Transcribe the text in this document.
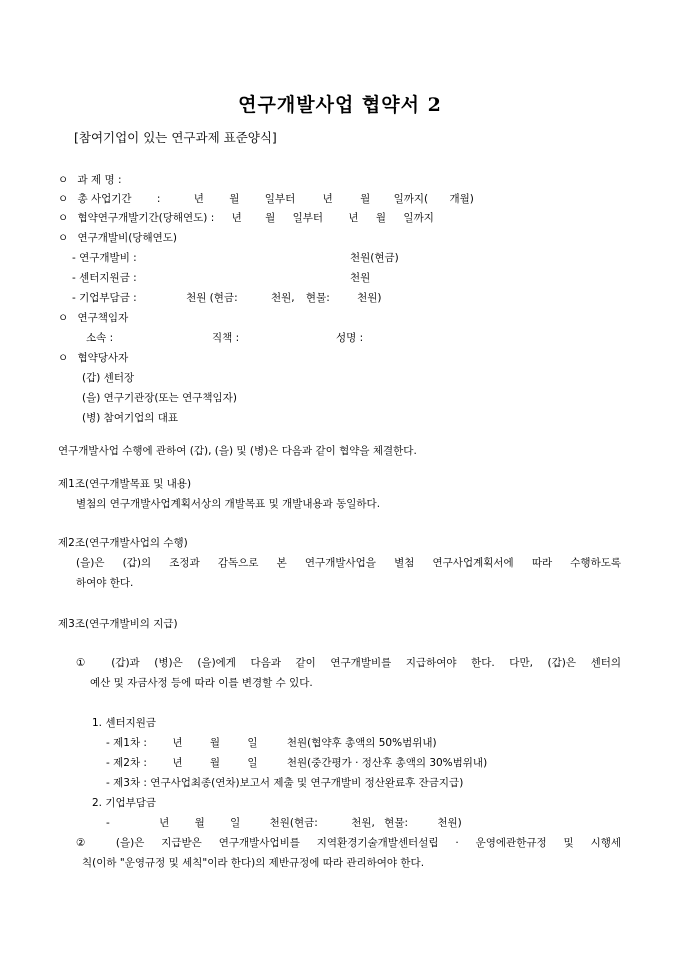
연구개발사업 협약서 2
[참여기업이 있는 연구과제 표준양식]
ㅇ 과 제 명 :
ㅇ 총 사업기간 :	년 월 일부터	년	월 일까지( 개월)
ㅇ 협약연구개발기간(당해연도) : 년 월 일부터 년 월 일까지
ㅇ 연구개발비(당해연도)
- 연구개발비 :	천원(현금)
- 센터지원금 :	천원
- 기업부담금 :	천원 (현금:	천원, 현물:	천원)
ㅇ 연구책임자
소속 :	직책 :	성명 :
ㅇ 협약당사자
(갑) 센터장
(을) 연구기관장(또는 연구책임자)
(병) 참여기업의 대표
연구개발사업 수행에 관하여 (갑), (을) 및 (병)은 다음과 같이 협약을 체결한다.
제1조(연구개발목표 및 내용)
별첨의 연구개발사업계획서상의 개발목표 및 개발내용과 동일하다.
제2조(연구개발사업의 수행)
(을)은 (갑)의 조정과 감독으로 본 연구개발사업을 별첨 연구사업계획서에 따라 수행하도록
하여야 한다.
제3조(연구개발비의 지급)
① (갑)과 (병)은 (을)에게 다음과 같이 연구개발비를 지급하여야 한다. 다만, (갑)은 센터의
예산 및 자금사정 등에 따라 이를 변경할 수 있다.
1. 센터지원금
- 제1차 : 년	월	일	천원(협약후 총액의 50%범위내)
- 제2차 : 년	월	일	천원(중간평가 · 정산후 총액의 30%범위내)
- 제3차 : 연구사업최종(연차)보고서 제출 및 연구개발비 정산완료후 잔금지급)
2. 기업부담금
-	년 월 일	천원(현금:	천원, 현물:	천원)
② (을)은 지급받은 연구개발사업비를 지역환경기술개발센터설립 · 운영에관한규정 및 시행세
칙(이하 "운영규정 및 세칙"이라 한다)의 제반규정에 따라 관리하여야 한다.
